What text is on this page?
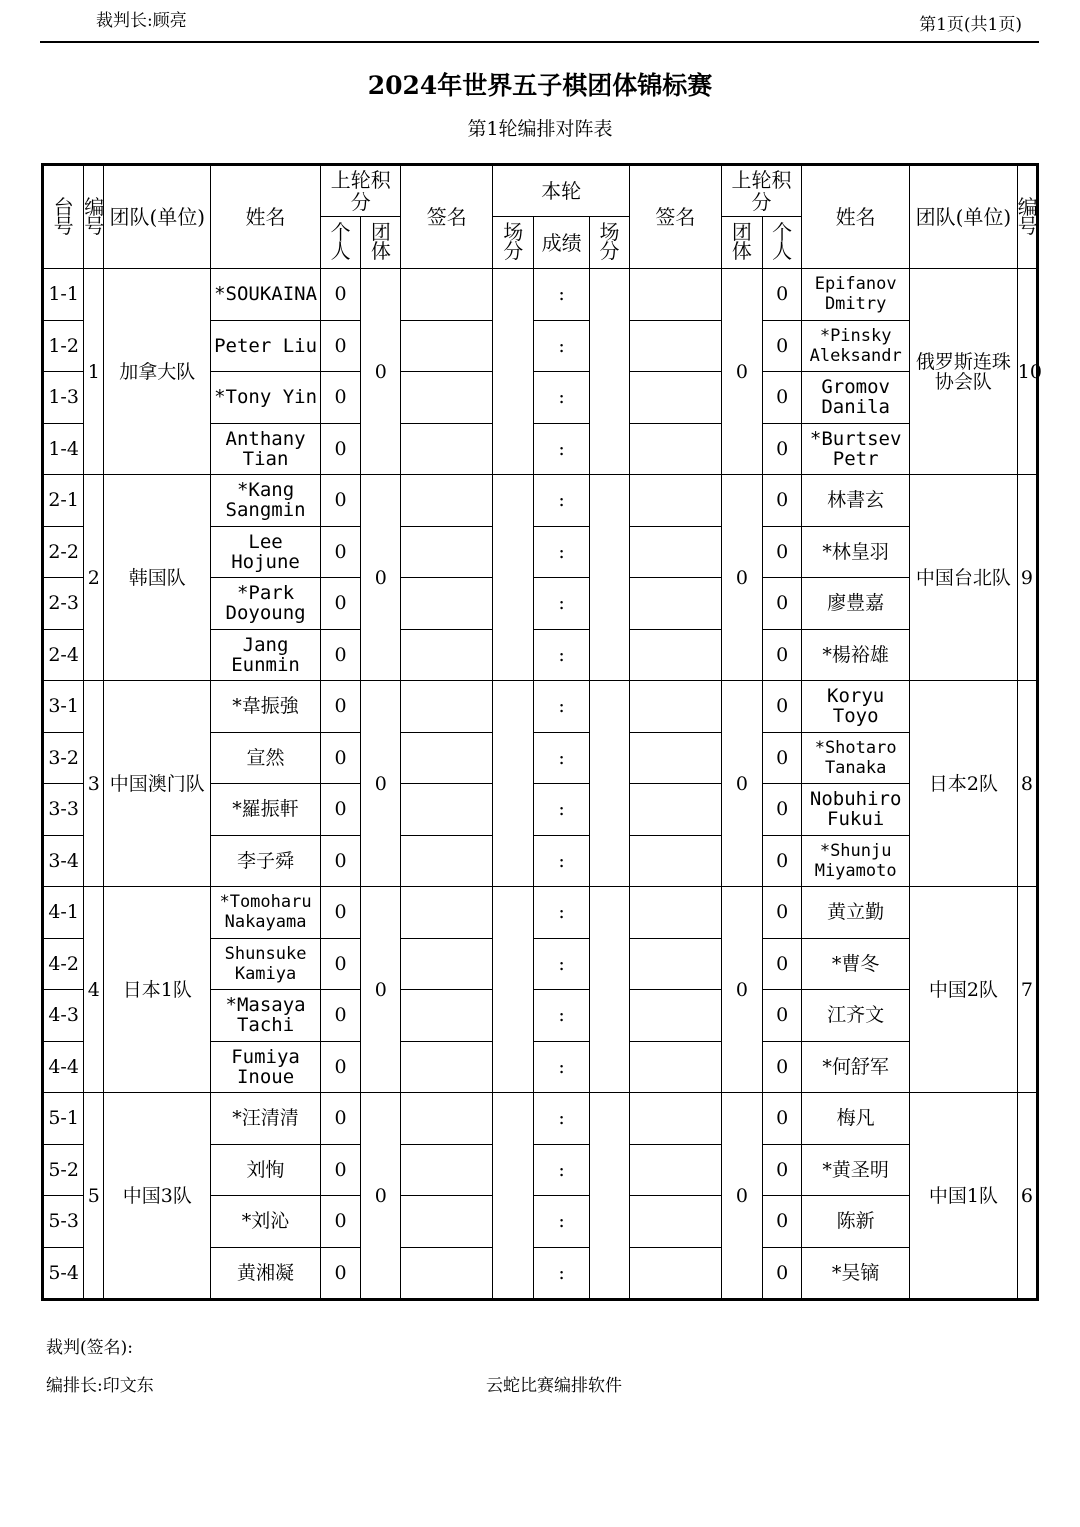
裁判长:顾亮	第1页(共1页)
2024年世界五子棋团体锦标赛
第1轮编排对阵表
台号	编号	团队(单位)	姓名	上轮积分		签名	本轮			签名	上轮积分		姓名	团队(单位)	编号
				个人	团体		场分	成绩	场分		团体	个人			
1-1	1	加拿大队	*SOUKAINA	0	0			:			0	0	Epifanov Dmitry	俄罗斯连珠协会队	10
1-2			Peter Liu	0				:				0	*Pinsky Aleksandr		
1-3			*Tony Yin	0				:				0	Gromov Danila		
1-4			Anthany Tian	0				:				0	*Burtsev Petr		
2-1	2	韩国队	*Kang Sangmin	0	0			:			0	0	林書玄	中国台北队	9
2-2			Lee Hojune	0				:				0	*林皇羽		
2-3			*Park Doyoung	0				:				0	廖豊嘉		
2-4			Jang Eunmin	0				:				0	*楊裕雄		
3-1	3	中国澳门队	*韋振強	0	0			:			0	0	Koryu Toyo	日本2队	8
3-2			宣然	0				:				0	*Shotaro Tanaka		
3-3			*羅振軒	0				:				0	Nobuhiro Fukui		
3-4			李子舜	0				:				0	*Shunju Miyamoto		
4-1	4	日本1队	*Tomoharu Nakayama	0	0			:			0	0	黄立勤	中国2队	7
4-2			Shunsuke Kamiya	0				:				0	*曹冬		
4-3			*Masaya Tachi	0				:				0	江齐文		
4-4			Fumiya Inoue	0				:				0	*何舒军		
5-1	5	中国3队	*汪清清	0	0			:			0	0	梅凡	中国1队	6
5-2			刘恂	0				:				0	*黄圣明		
5-3			*刘沁	0				:				0	陈新		
5-4			黄湘凝	0				:				0	*吴镝		
裁判(签名):
编排长:印文东	云蛇比赛编排软件
